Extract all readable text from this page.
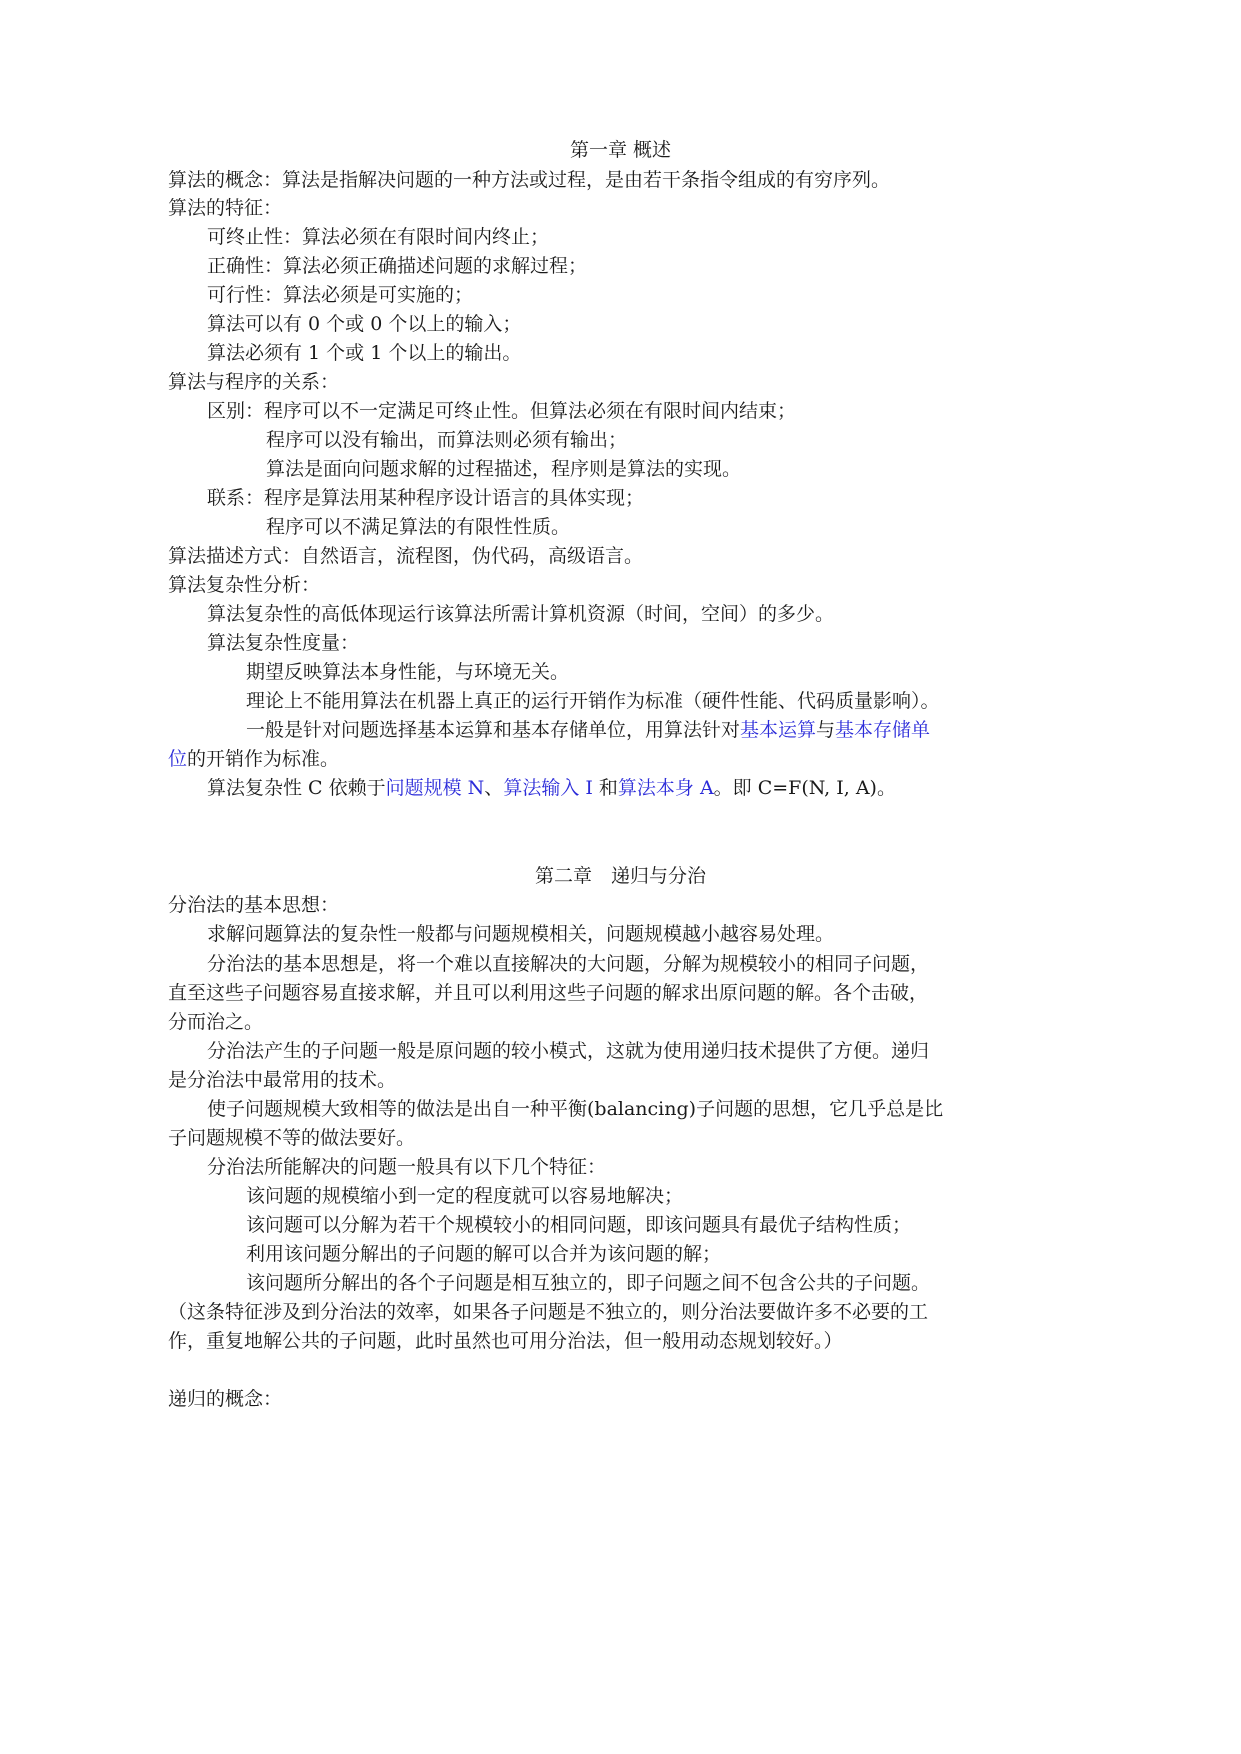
第一章 概述
算法的概念：算法是指解决问题的一种方法或过程，是由若干条指令组成的有穷序列。
算法的特征：
可终止性：算法必须在有限时间内终止；
正确性：算法必须正确描述问题的求解过程；
可行性：算法必须是可实施的；
算法可以有 0 个或 0 个以上的输入；
算法必须有 1 个或 1 个以上的输出。
算法与程序的关系：
区别：程序可以不一定满足可终止性。但算法必须在有限时间内结束；
程序可以没有输出，而算法则必须有输出；
算法是面向问题求解的过程描述，程序则是算法的实现。
联系：程序是算法用某种程序设计语言的具体实现；
程序可以不满足算法的有限性性质。
算法描述方式：自然语言，流程图，伪代码，高级语言。
算法复杂性分析：
算法复杂性的高低体现运行该算法所需计算机资源（时间，空间）的多少。
算法复杂性度量：
期望反映算法本身性能，与环境无关。
理论上不能用算法在机器上真正的运行开销作为标准（硬件性能、代码质量影响）。
一般是针对问题选择基本运算和基本存储单位，用算法针对基本运算与基本存储单
位的开销作为标准。
算法复杂性 C 依赖于问题规模 N、算法输入 I 和算法本身 A。即 C=F(N, I, A)。
第二章　递归与分治
分治法的基本思想：
求解问题算法的复杂性一般都与问题规模相关，问题规模越小越容易处理。
分治法的基本思想是，将一个难以直接解决的大问题，分解为规模较小的相同子问题，
直至这些子问题容易直接求解，并且可以利用这些子问题的解求出原问题的解。各个击破，
分而治之。
分治法产生的子问题一般是原问题的较小模式，这就为使用递归技术提供了方便。递归
是分治法中最常用的技术。
使子问题规模大致相等的做法是出自一种平衡(balancing)子问题的思想，它几乎总是比
子问题规模不等的做法要好。
分治法所能解决的问题一般具有以下几个特征：
该问题的规模缩小到一定的程度就可以容易地解决；
该问题可以分解为若干个规模较小的相同问题，即该问题具有最优子结构性质；
利用该问题分解出的子问题的解可以合并为该问题的解；
该问题所分解出的各个子问题是相互独立的，即子问题之间不包含公共的子问题。
（这条特征涉及到分治法的效率，如果各子问题是不独立的，则分治法要做许多不必要的工
作，重复地解公共的子问题，此时虽然也可用分治法，但一般用动态规划较好。）
递归的概念：
